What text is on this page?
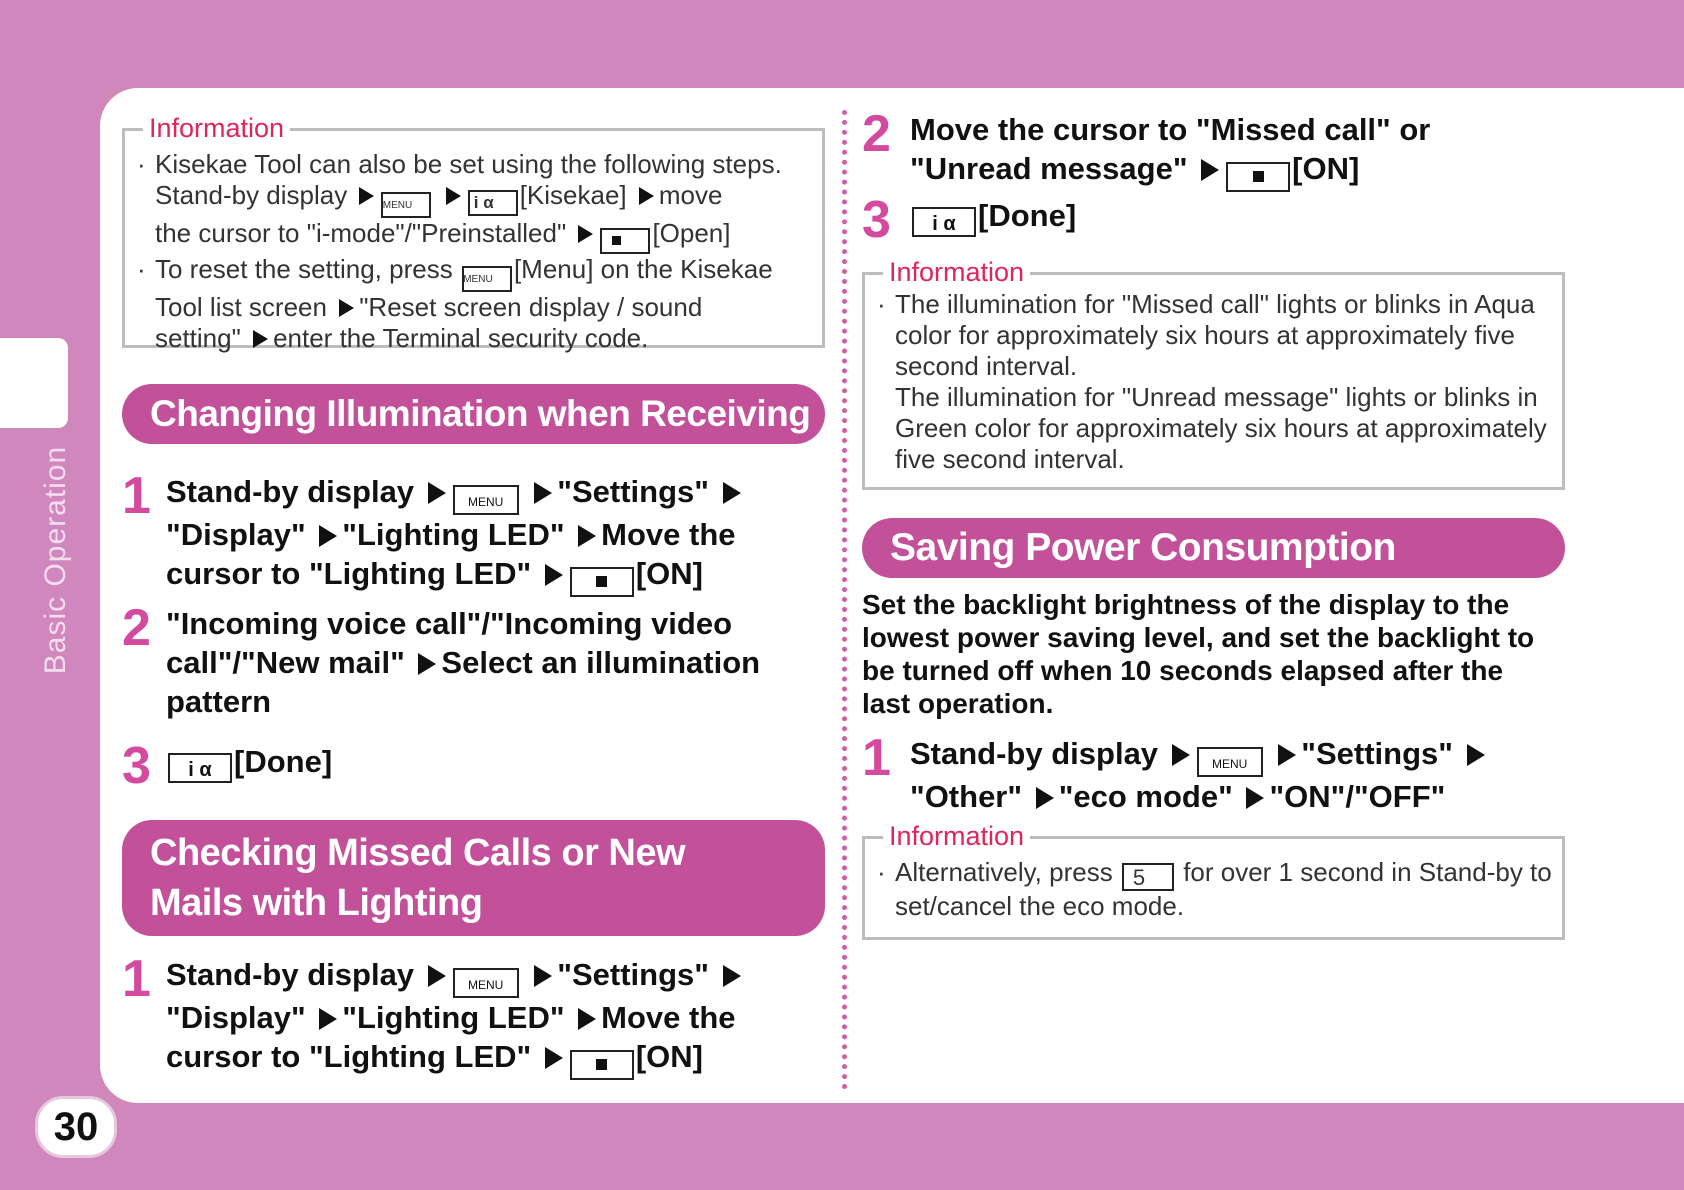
Basic Operation
30
Information
· Kisekae Tool can also be set using the following steps.
Stand-by display	MENU	i α [Kisekae] move
the cursor to "i-mode"/"Preinstalled"	[Open]
· To reset the setting, press MENU [Menu] on the Kisekae
Tool list screen "Reset screen display / sound
setting" enter the Terminal security code.
Changing Illumination when Receiving
1 Stand-by display	MENU "Settings"
"Display" "Lighting LED" Move the
cursor to "Lighting LED"	[ON]
2 "Incoming voice call"/"Incoming video
call"/"New mail" Select an illumination
pattern
3	i α [Done]
Checking Missed Calls or New
Mails with Lighting
1 Stand-by display	MENU "Settings"
"Display" "Lighting LED" Move the
cursor to "Lighting LED"	[ON]
2 Move the cursor to "Missed call" or
"Unread message"	[ON]
3	i α [Done]
Information
· The illumination for "Missed call" lights or blinks in Aqua
color for approximately six hours at approximately five
second interval.
The illumination for "Unread message" lights or blinks in
Green color for approximately six hours at approximately
five second interval.
Saving Power Consumption
Set the backlight brightness of the display to the
lowest power saving level, and set the backlight to
be turned off when 10 seconds elapsed after the
last operation.
1 Stand-by display	MENU "Settings"
"Other" "eco mode" "ON"/"OFF"
Information
· Alternatively, press 5 for over 1 second in Stand-by to
set/cancel the eco mode.
